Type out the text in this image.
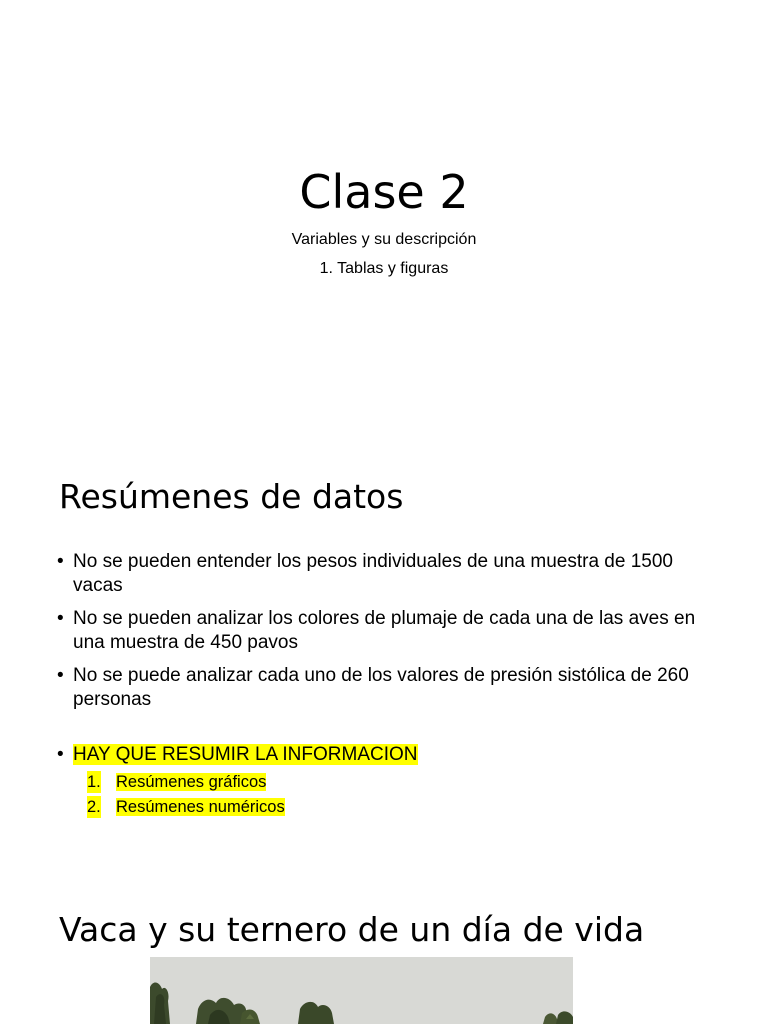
Clase 2
Variables y su descripción
1. Tablas y figuras
Resúmenes de datos
• No se pueden entender los pesos individuales de una muestra de 1500 vacas
• No se pueden analizar los colores de plumaje de cada una de las aves en una muestra de 450 pavos
• No se puede analizar cada uno de los valores de presión sistólica de 260 personas
• HAY QUE RESUMIR LA INFORMACION
1. Resúmenes gráficos
2. Resúmenes numéricos
Vaca y su ternero de un día de vida
